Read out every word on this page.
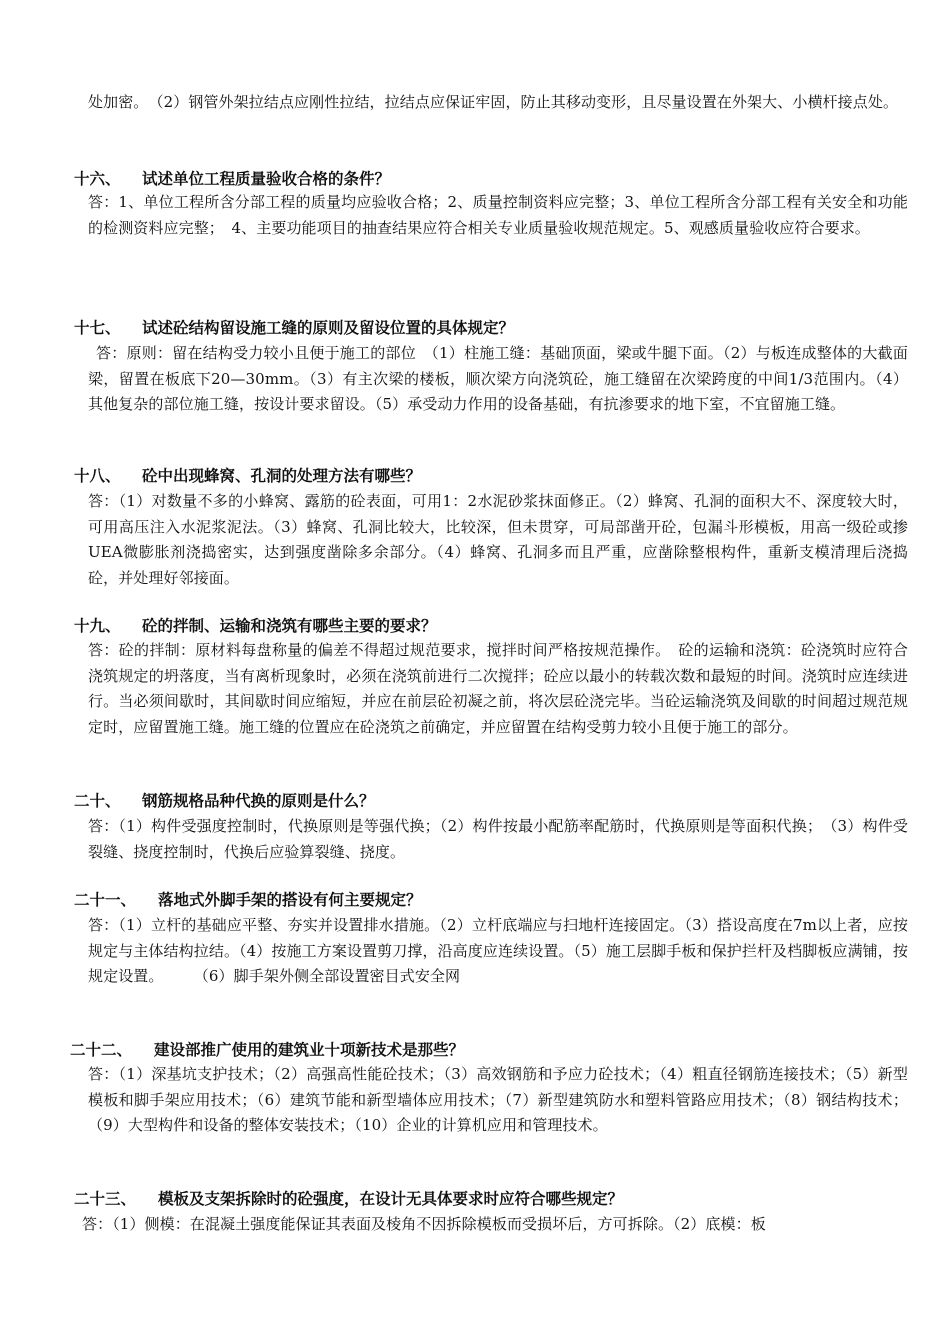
处加密。　（2）钢管外架拉结点应刚性拉结，拉结点应保证牢固，防止其移动变形，且尽量设置在外架大、小横杆接点处。

十六、 试述单位工程质量验收合格的条件？

答：1、单位工程所含分部工程的质量均应验收合格；2、质量控制资料应完整；3、单位工程所含分部工程有关安全和功能的检测资料应完整；　4、主要功能项目的抽查结果应符合相关专业质量验收规范规定。5、观感质量验收应符合要求。

十七、 试述砼结构留设施工缝的原则及留设位置的具体规定？

答：原则：留在结构受力较小且便于施工的部位　（1）柱施工缝：基础顶面，梁或牛腿下面。（2）与板连成整体的大截面梁，留置在板底下20—30mm。（3）有主次梁的楼板，顺次梁方向浇筑砼，施工缝留在次梁跨度的中间1/3范围内。（4）其他复杂的部位施工缝，按设计要求留设。（5）承受动力作用的设备基础，有抗渗要求的地下室，不宜留施工缝。

十八、 砼中出现蜂窝、孔洞的处理方法有哪些？

答：（1）对数量不多的小蜂窝、露筋的砼表面，可用1：2水泥砂浆抹面修正。（2）蜂窝、孔洞的面积大不、深度较大时，可用高压注入水泥浆泥法。（3）蜂窝、孔洞比较大，比较深，但未贯穿，可局部凿开砼，包漏斗形模板，用高一级砼或掺UEA微膨胀剂浇捣密实，达到强度凿除多余部分。（4）蜂窝、孔洞多而且严重，应凿除整根构件，重新支模清理后浇捣砼，并处理好邻接面。

十九、 砼的拌制、运输和浇筑有哪些主要的要求？

答：砼的拌制：原材料每盘称量的偏差不得超过规范要求，搅拌时间严格按规范操作。　砼的运输和浇筑：砼浇筑时应符合浇筑规定的坍落度，当有离析现象时，必须在浇筑前进行二次搅拌；砼应以最小的转载次数和最短的时间。浇筑时应连续进行。当必须间歇时，其间歇时间应缩短，并应在前层砼初凝之前，将次层砼浇完毕。当砼运输浇筑及间歇的时间超过规范规定时，应留置施工缝。施工缝的位置应在砼浇筑之前确定，并应留置在结构受剪力较小且便于施工的部分。

二十、 钢筋规格品种代换的原则是什么？

答：（1）构件受强度控制时，代换原则是等强代换；（2）构件按最小配筋率配筋时，代换原则是等面积代换；　（3）构件受裂缝、挠度控制时，代换后应验算裂缝、挠度。

二十一、 落地式外脚手架的搭设有何主要规定？

答：（1）立杆的基础应平整、夯实并设置排水措施。（2）立杆底端应与扫地杆连接固定。（3）搭设高度在7m以上者，应按规定与主体结构拉结。（4）按施工方案设置剪刀撑，沿高度应连续设置。（5）施工层脚手板和保护拦杆及档脚板应满铺，按规定设置。　　　（6）脚手架外侧全部设置密目式安全网

二十二、 建设部推广使用的建筑业十项新技术是那些？

答：（1）深基坑支护技术；（2）高强高性能砼技术；（3）高效钢筋和予应力砼技术；（4）粗直径钢筋连接技术；（5）新型模板和脚手架应用技术；（6）建筑节能和新型墙体应用技术；（7）新型建筑防水和塑料管路应用技术；（8）钢结构技术；（9）大型构件和设备的整体安装技术；（10）企业的计算机应用和管理技术。

二十三、 模板及支架拆除时的砼强度，在设计无具体要求时应符合哪些规定？

答：（1）侧模：在混凝土强度能保证其表面及棱角不因拆除模板而受损坏后，方可拆除。（2）底模：板
